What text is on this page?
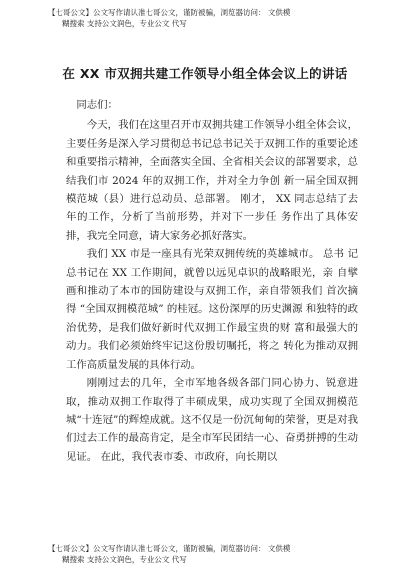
【七哥公文】公文写作请认准七哥公文，谨防被骗，浏览器访问： 文供模
糊搜索 支持公文润色，专业公文 代写
在 XX 市双拥共建工作领导小组全体会议上的讲话

同志们：

今天，我们在这里召开市双拥共建工作领导小组全体会议，主要任务是深入学习贯彻总书记总书记关于双拥工作的重要论述和重要指示精神，全面落实全国、全省相关会议的部署要求，总结我们市 2024 年的双拥工作，并对全力争创 新一届全国双拥模范城（县）进行总动员、总部署。 刚才， XX 同志总结了去年的工作，分析了当前形势，并对下一步任 务作出了具体安排，我完全同意，请大家务必抓好落实。

我们 XX 市是一座具有光荣双拥传统的英雄城市。 总书 记总书记在 XX 工作期间，就曾以远见卓识的战略眼光，亲 自擘画和推动了本市的国防建设与双拥工作，亲自带领我们 首次摘得 “全国双拥模范城” 的桂冠。这份深厚的历史渊源 和独特的政治优势，是我们做好新时代双拥工作最宝贵的财 富和最强大的动力。我们必须始终牢记这份殷切嘱托，将之 转化为推动双拥工作高质量发展的具体行动。

刚刚过去的几年，全市军地各级各部门同心协力、锐意进取，推动双拥工作取得了丰硕成果，成功实现了全国双拥模范城“十连冠”的辉煌成就。这不仅是一份沉甸甸的荣誉，更是对我们过去工作的最高肯定，是全市军民团结一心、奋勇拼搏的生动见证。 在此，我代表市委、市政府，向长期以

【七哥公文】公文写作请认准七哥公文，谨防被骗，浏览器访问： 文供模
糊搜索 支持公文润色，专业公文 代写
